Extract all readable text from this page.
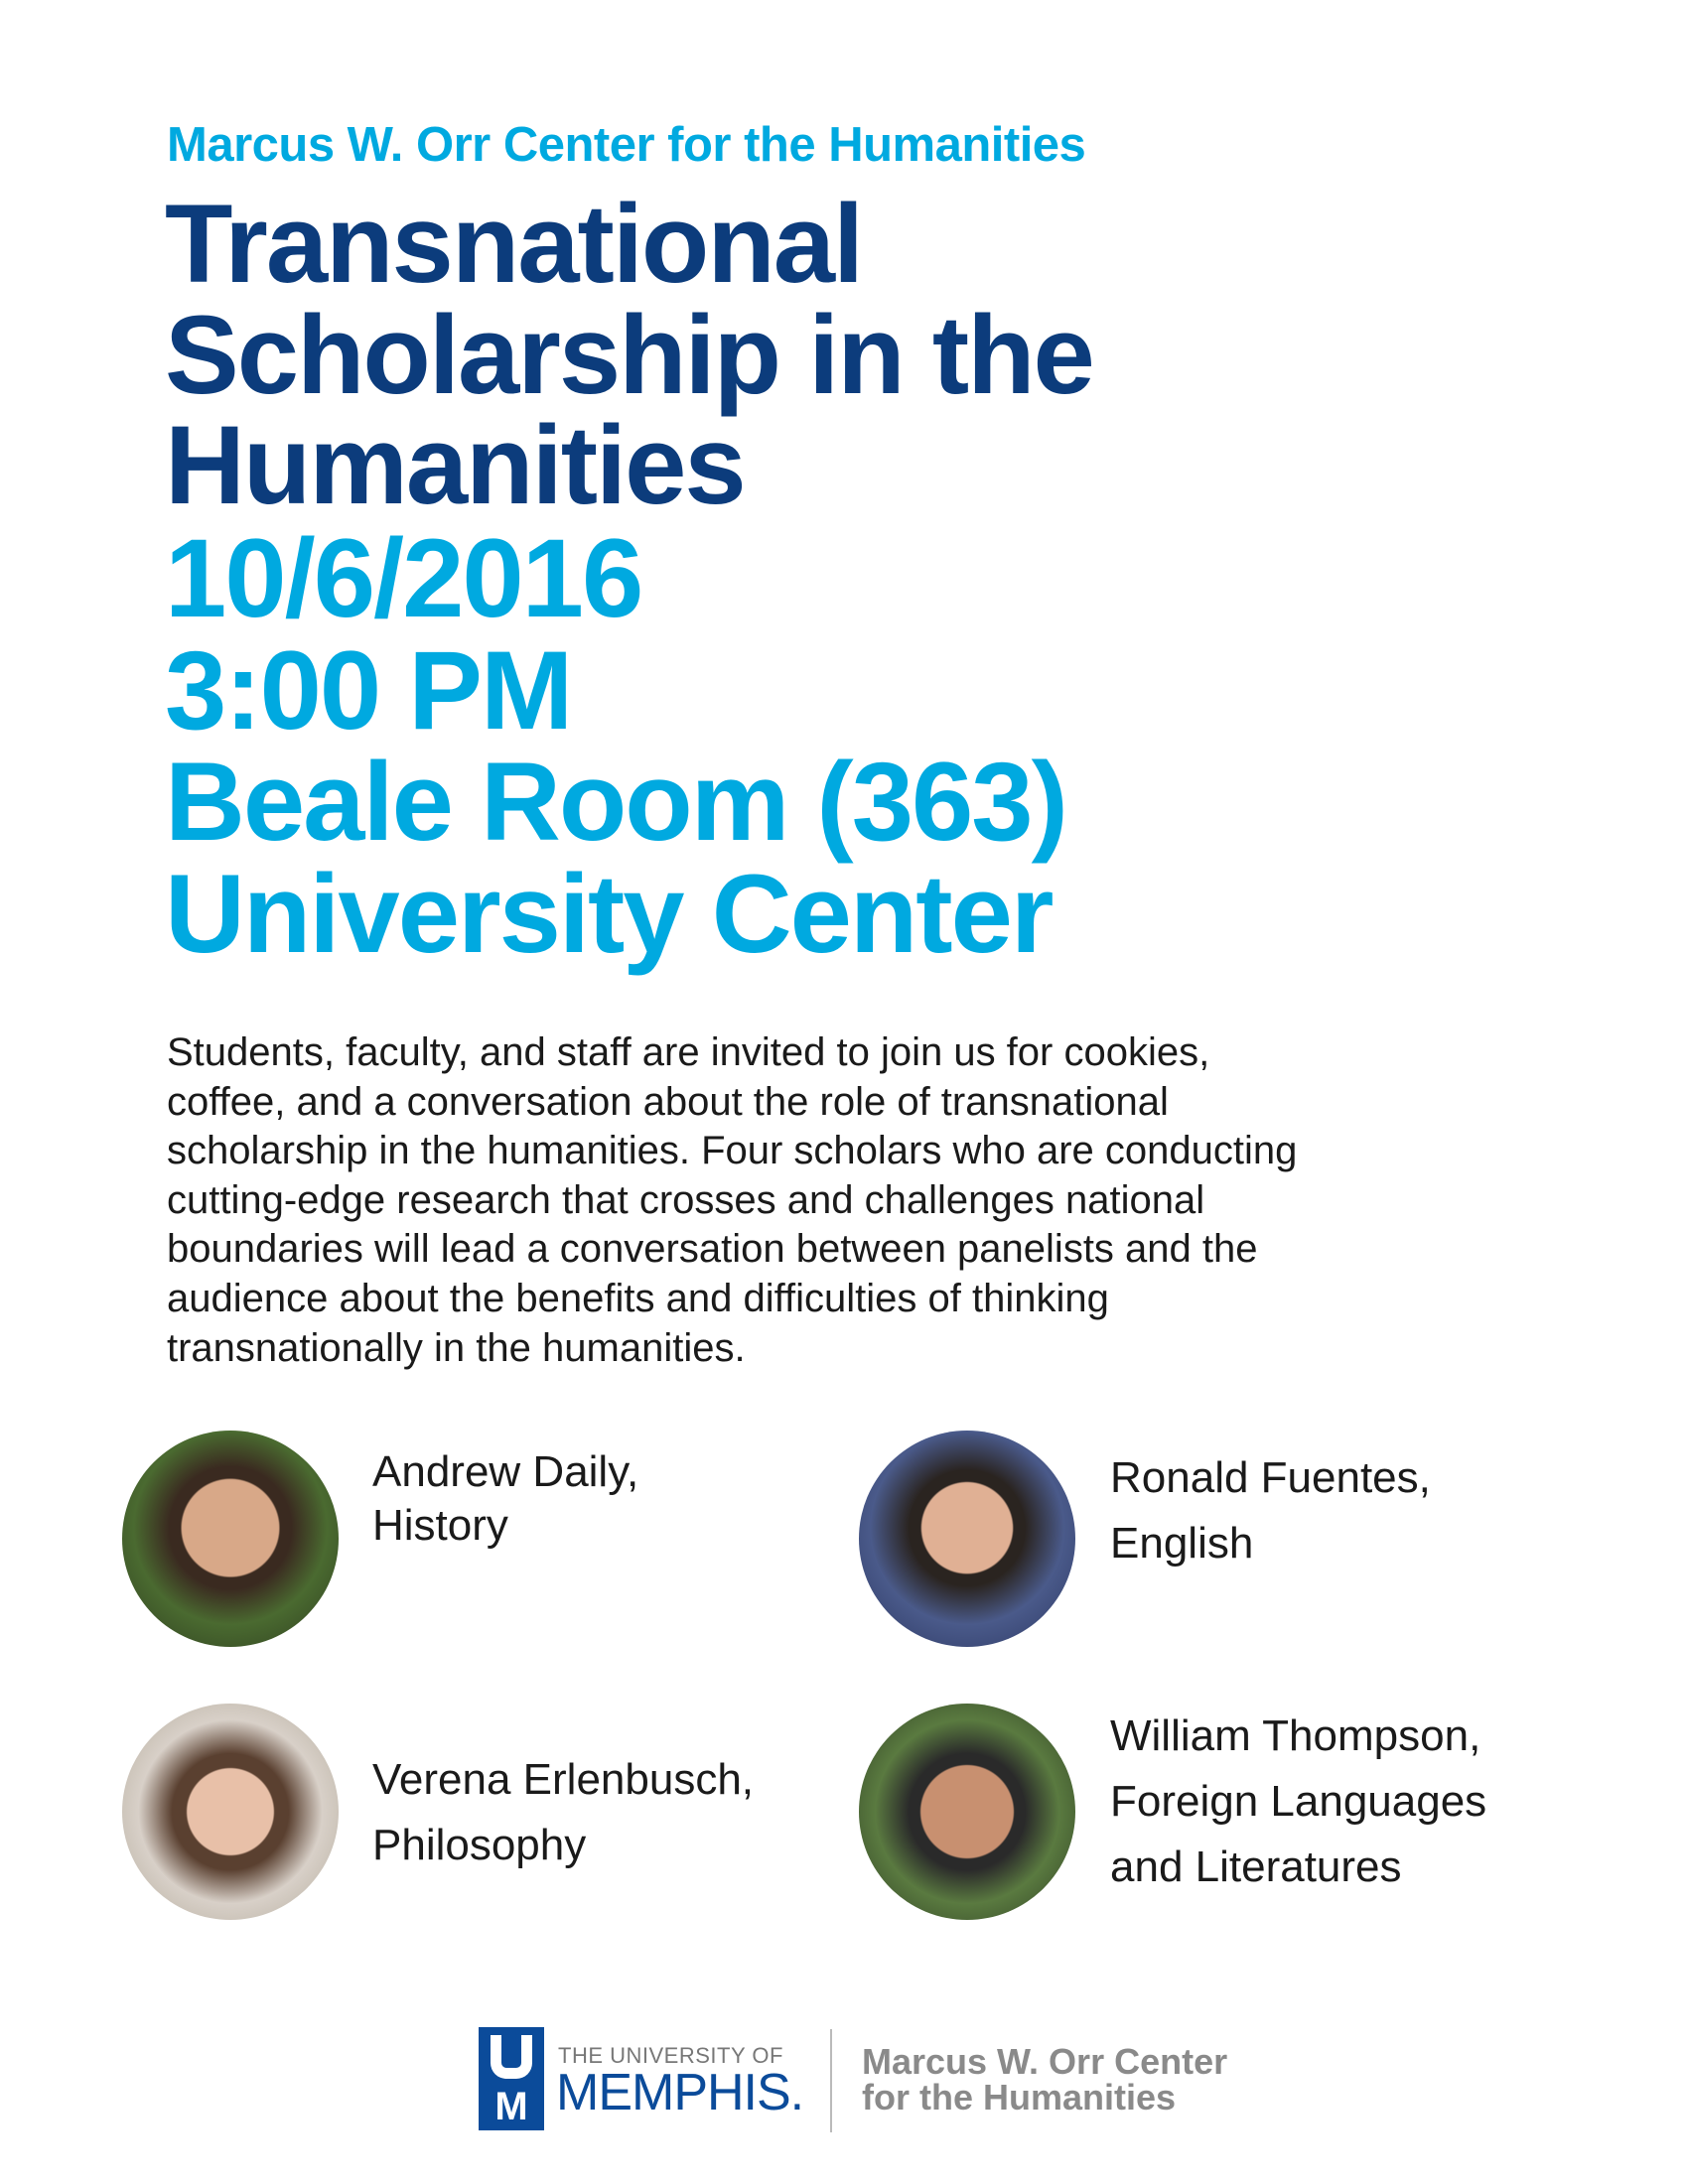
Marcus W. Orr Center for the Humanities
Transnational
Scholarship in the
Humanities
10/6/2016
3:00 PM
Beale Room (363)
University Center
Students, faculty, and staff are invited to join us for cookies,
coffee, and a conversation about the role of transnational
scholarship in the humanities. Four scholars who are conducting
cutting-edge research that crosses and challenges national
boundaries will lead a conversation between panelists and the
audience about the benefits and difficulties of thinking
transnationally in the humanities.
Andrew Daily,
History
Ronald Fuentes,
English
Verena Erlenbusch,
Philosophy
William Thompson,
Foreign Languages
and Literatures
M
THE UNIVERSITY OF
MEMPHIS.
Marcus W. Orr Center
for the Humanities
